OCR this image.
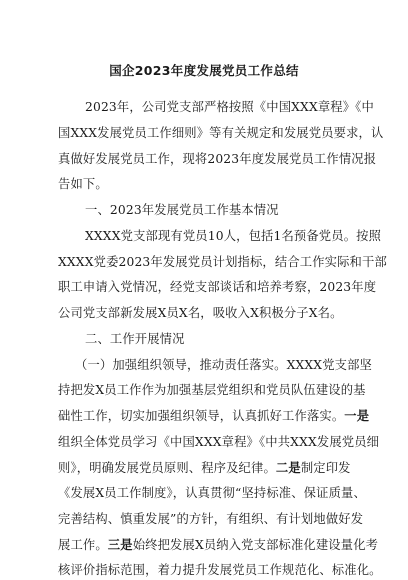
国企2023年度发展党员工作总结
2023年，公司党支部严格按照《中国XXX章程》《中
国XXX发展党员工作细则》等有关规定和发展党员要求，认
真做好发展党员工作，现将2023年度发展党员工作情况报
告如下。
一、2023年发展党员工作基本情况
XXXX党支部现有党员10人，包括1名预备党员。按照
XXXX党委2023年发展党员计划指标，结合工作实际和干部
职工申请入党情况，经党支部谈话和培养考察，2023年度
公司党支部新发展X员X名，吸收入X积极分子X名。
二、工作开展情况
（一）加强组织领导，推动责任落实。XXXX党支部坚
持把发X员工作作为加强基层党组织和党员队伍建设的基
础性工作，切实加强组织领导，认真抓好工作落实。一是
组织全体党员学习《中国XXX章程》《中共XXX发展党员细
则》，明确发展党员原则、程序及纪律。二是制定印发
《发展X员工作制度》，认真贯彻“坚持标准、保证质量、
完善结构、慎重发展”的方针，有组织、有计划地做好发
展工作。三是始终把发展X员纳入党支部标准化建设量化考
核评价指标范围，着力提升发展党员工作规范化、标准化。
